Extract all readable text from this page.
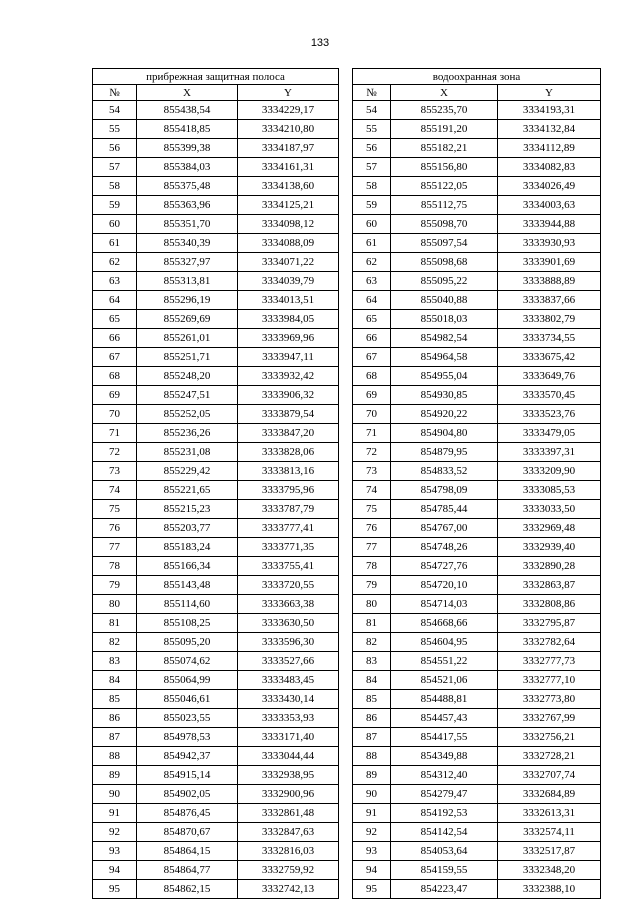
133
прибрежная защитная полоса				водоохранная зона		
№	X	Y		№	X	Y
54	855438,54	3334229,17		54	855235,70	3334193,31
55	855418,85	3334210,80		55	855191,20	3334132,84
56	855399,38	3334187,97		56	855182,21	3334112,89
57	855384,03	3334161,31		57	855156,80	3334082,83
58	855375,48	3334138,60		58	855122,05	3334026,49
59	855363,96	3334125,21		59	855112,75	3334003,63
60	855351,70	3334098,12		60	855098,70	3333944,88
61	855340,39	3334088,09		61	855097,54	3333930,93
62	855327,97	3334071,22		62	855098,68	3333901,69
63	855313,81	3334039,79		63	855095,22	3333888,89
64	855296,19	3334013,51		64	855040,88	3333837,66
65	855269,69	3333984,05		65	855018,03	3333802,79
66	855261,01	3333969,96		66	854982,54	3333734,55
67	855251,71	3333947,11		67	854964,58	3333675,42
68	855248,20	3333932,42		68	854955,04	3333649,76
69	855247,51	3333906,32		69	854930,85	3333570,45
70	855252,05	3333879,54		70	854920,22	3333523,76
71	855236,26	3333847,20		71	854904,80	3333479,05
72	855231,08	3333828,06		72	854879,95	3333397,31
73	855229,42	3333813,16		73	854833,52	3333209,90
74	855221,65	3333795,96		74	854798,09	3333085,53
75	855215,23	3333787,79		75	854785,44	3333033,50
76	855203,77	3333777,41		76	854767,00	3332969,48
77	855183,24	3333771,35		77	854748,26	3332939,40
78	855166,34	3333755,41		78	854727,76	3332890,28
79	855143,48	3333720,55		79	854720,10	3332863,87
80	855114,60	3333663,38		80	854714,03	3332808,86
81	855108,25	3333630,50		81	854668,66	3332795,87
82	855095,20	3333596,30		82	854604,95	3332782,64
83	855074,62	3333527,66		83	854551,22	3332777,73
84	855064,99	3333483,45		84	854521,06	3332777,10
85	855046,61	3333430,14		85	854488,81	3332773,80
86	855023,55	3333353,93		86	854457,43	3332767,99
87	854978,53	3333171,40		87	854417,55	3332756,21
88	854942,37	3333044,44		88	854349,88	3332728,21
89	854915,14	3332938,95		89	854312,40	3332707,74
90	854902,05	3332900,96		90	854279,47	3332684,89
91	854876,45	3332861,48		91	854192,53	3332613,31
92	854870,67	3332847,63		92	854142,54	3332574,11
93	854864,15	3332816,03		93	854053,64	3332517,87
94	854864,77	3332759,92		94	854159,55	3332348,20
95	854862,15	3332742,13		95	854223,47	3332388,10
